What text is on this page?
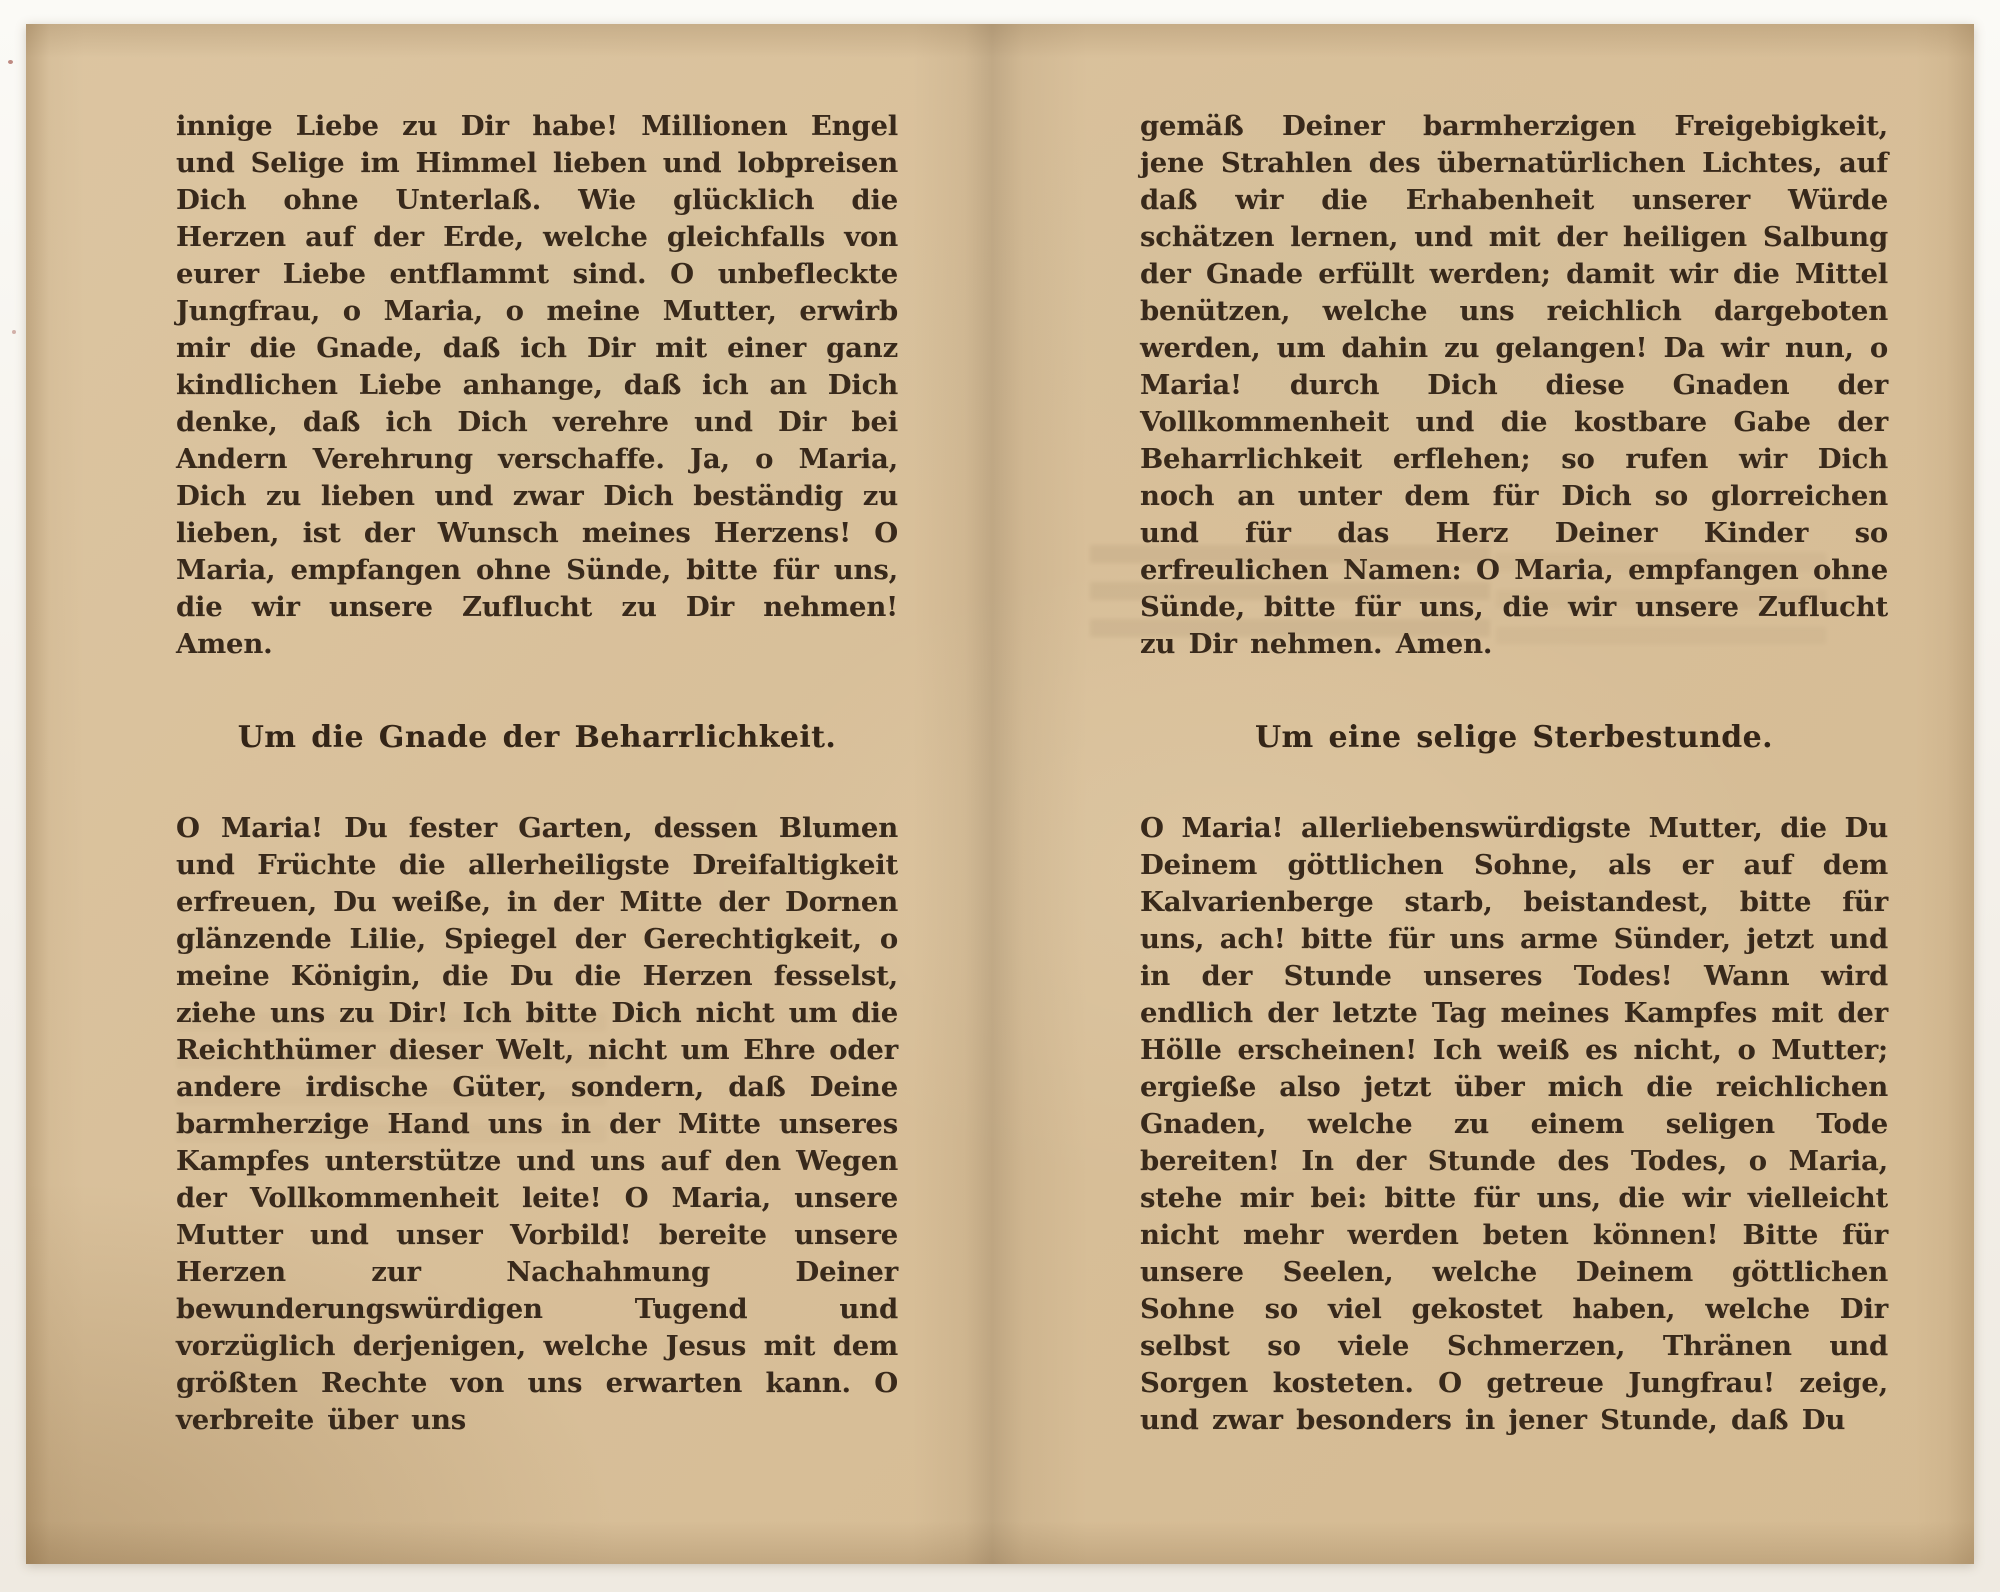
innige Liebe zu Dir habe! Millionen Engel und Selige im Himmel lieben und lobpreisen Dich ohne Unterlaß. Wie glücklich die Herzen auf der Erde, welche gleichfalls von eurer Liebe entflammt sind. O unbefleckte Jungfrau, o Maria, o meine Mutter, erwirb mir die Gnade, daß ich Dir mit einer ganz kindlichen Liebe anhange, daß ich an Dich denke, daß ich Dich verehre und Dir bei Andern Verehrung verschaffe. Ja, o Maria, Dich zu lieben und zwar Dich beständig zu lieben, ist der Wunsch meines Herzens! O Maria, empfangen ohne Sünde, bitte für uns, die wir unsere Zuflucht zu Dir nehmen! Amen.

Um die Gnade der Beharrlichkeit.

O Maria! Du fester Garten, dessen Blumen und Früchte die allerheiligste Dreifaltigkeit erfreuen, Du weiße, in der Mitte der Dornen glänzende Lilie, Spiegel der Gerechtigkeit, o meine Königin, die Du die Herzen fesselst, ziehe uns zu Dir! Ich bitte Dich nicht um die Reichthümer dieser Welt, nicht um Ehre oder andere irdische Güter, sondern, daß Deine barmherzige Hand uns in der Mitte unseres Kampfes unterstütze und uns auf den Wegen der Vollkommenheit leite! O Maria, unsere Mutter und unser Vorbild! bereite unsere Herzen zur Nachahmung Deiner bewunderungswürdigen Tugend und vorzüglich derjenigen, welche Jesus mit dem größten Rechte von uns erwarten kann. O verbreite über uns

gemäß Deiner barmherzigen Freigebigkeit, jene Strahlen des übernatürlichen Lichtes, auf daß wir die Erhabenheit unserer Würde schätzen lernen, und mit der heiligen Salbung der Gnade erfüllt werden; damit wir die Mittel benützen, welche uns reichlich dargeboten werden, um dahin zu gelangen! Da wir nun, o Maria! durch Dich diese Gnaden der Vollkommenheit und die kostbare Gabe der Beharrlichkeit erflehen; so rufen wir Dich noch an unter dem für Dich so glorreichen und für das Herz Deiner Kinder so erfreulichen Namen: O Maria, empfangen ohne Sünde, bitte für uns, die wir unsere Zuflucht zu Dir nehmen. Amen.

Um eine selige Sterbestunde.

O Maria! allerliebenswürdigste Mutter, die Du Deinem göttlichen Sohne, als er auf dem Kalvarienberge starb, beistandest, bitte für uns, ach! bitte für uns arme Sünder, jetzt und in der Stunde unseres Todes! Wann wird endlich der letzte Tag meines Kampfes mit der Hölle erscheinen! Ich weiß es nicht, o Mutter; ergieße also jetzt über mich die reichlichen Gnaden, welche zu einem seligen Tode bereiten! In der Stunde des Todes, o Maria, stehe mir bei: bitte für uns, die wir vielleicht nicht mehr werden beten können! Bitte für unsere Seelen, welche Deinem göttlichen Sohne so viel gekostet haben, welche Dir selbst so viele Schmerzen, Thränen und Sorgen kosteten. O getreue Jungfrau! zeige, und zwar besonders in jener Stunde, daß Du
